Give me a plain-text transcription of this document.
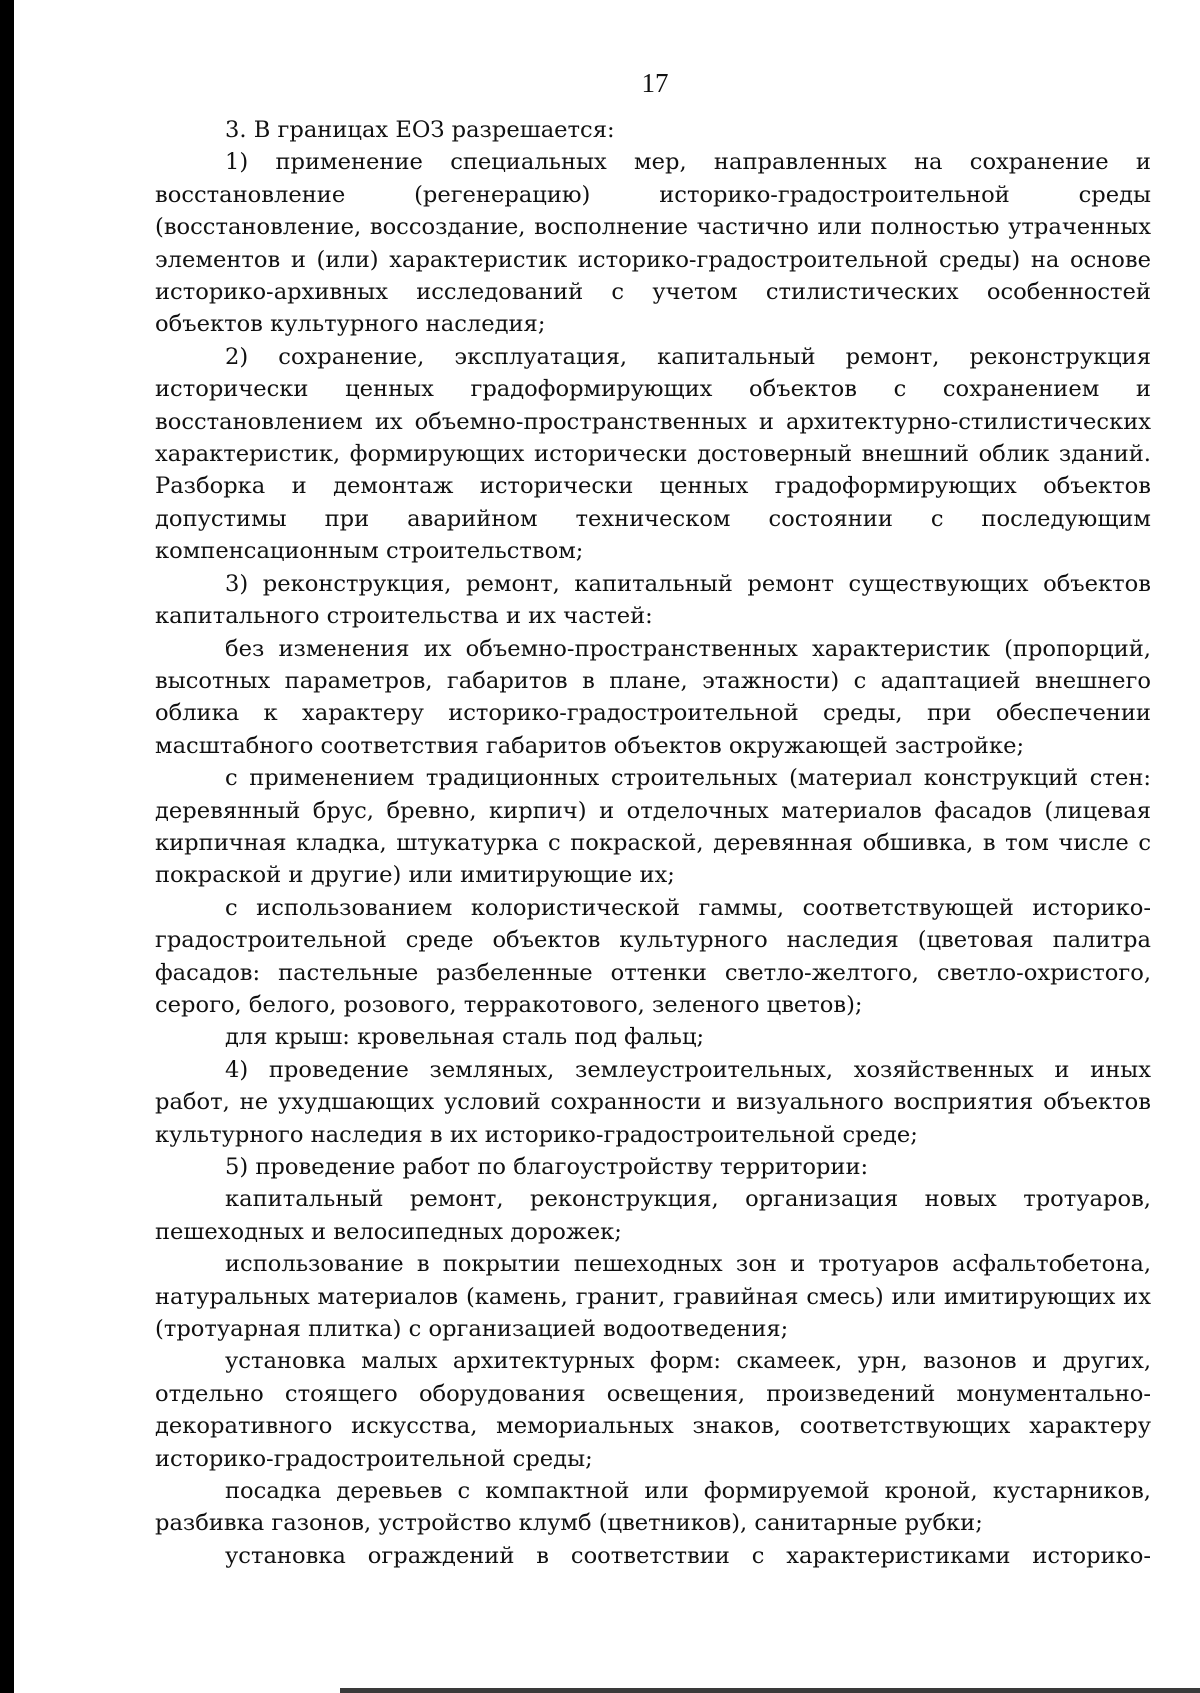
17

3. В границах ЕОЗ разрешается:

1) применение специальных мер, направленных на сохранение и восстановление (регенерацию) историко-градостроительной среды (восстановление, воссоздание, восполнение частично или полностью утраченных элементов и (или) характеристик историко-градостроительной среды) на основе историко-архивных исследований с учетом стилистических особенностей объектов культурного наследия;

2) сохранение, эксплуатация, капитальный ремонт, реконструкция исторически ценных градоформирующих объектов с сохранением и восстановлением их объемно-пространственных и архитектурно-стилистических характеристик, формирующих исторически достоверный внешний облик зданий. Разборка и демонтаж исторически ценных градоформирующих объектов допустимы при аварийном техническом состоянии с последующим компенсационным строительством;

3) реконструкция, ремонт, капитальный ремонт существующих объектов капитального строительства и их частей:

без изменения их объемно-пространственных характеристик (пропорций, высотных параметров, габаритов в плане, этажности) с адаптацией внешнего облика к характеру историко-градостроительной среды, при обеспечении масштабного соответствия габаритов объектов окружающей застройке;

с применением традиционных строительных (материал конструкций стен: деревянный брус, бревно, кирпич) и отделочных материалов фасадов (лицевая кирпичная кладка, штукатурка с покраской, деревянная обшивка, в том числе с покраской и другие) или имитирующие их;

с использованием колористической гаммы, соответствующей историко-градостроительной среде объектов культурного наследия (цветовая палитра фасадов: пастельные разбеленные оттенки светло-желтого, светло-охристого, серого, белого, розового, терракотового, зеленого цветов);

для крыш: кровельная сталь под фальц;

4) проведение земляных, землеустроительных, хозяйственных и иных работ, не ухудшающих условий сохранности и визуального восприятия объектов культурного наследия в их историко-градостроительной среде;

5) проведение работ по благоустройству территории:

капитальный ремонт, реконструкция, организация новых тротуаров, пешеходных и велосипедных дорожек;

использование в покрытии пешеходных зон и тротуаров асфальтобетона, натуральных материалов (камень, гранит, гравийная смесь) или имитирующих их (тротуарная плитка) с организацией водоотведения;

установка малых архитектурных форм: скамеек, урн, вазонов и других, отдельно стоящего оборудования освещения, произведений монументально-декоративного искусства, мемориальных знаков, соответствующих характеру историко-градостроительной среды;

посадка деревьев с компактной или формируемой кроной, кустарников, разбивка газонов, устройство клумб (цветников), санитарные рубки;

установка ограждений в соответствии с характеристиками историко-
